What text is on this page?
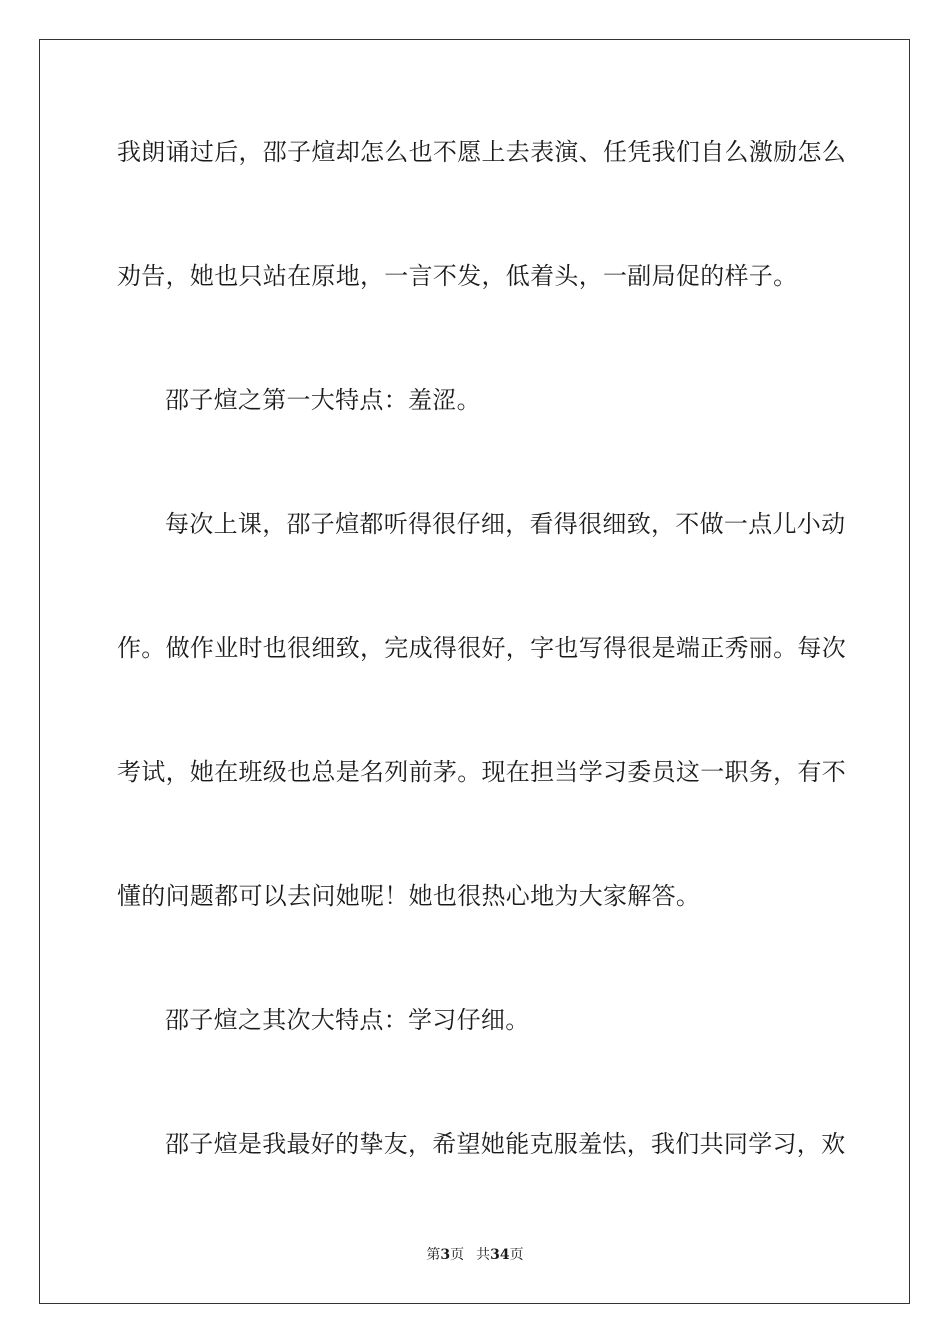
我朗诵过后，邵子煊却怎么也不愿上去表演、任凭我们自么激励怎么
劝告，她也只站在原地，一言不发，低着头，一副局促的样子。
邵子煊之第一大特点：羞涩。
每次上课，邵子煊都听得很仔细，看得很细致，不做一点儿小动
作。做作业时也很细致，完成得很好，字也写得很是端正秀丽。每次
考试，她在班级也总是名列前茅。现在担当学习委员这一职务，有不
懂的问题都可以去问她呢！她也很热心地为大家解答。
邵子煊之其次大特点：学习仔细。
邵子煊是我最好的挚友，希望她能克服羞怯，我们共同学习，欢
第3页 共34页
